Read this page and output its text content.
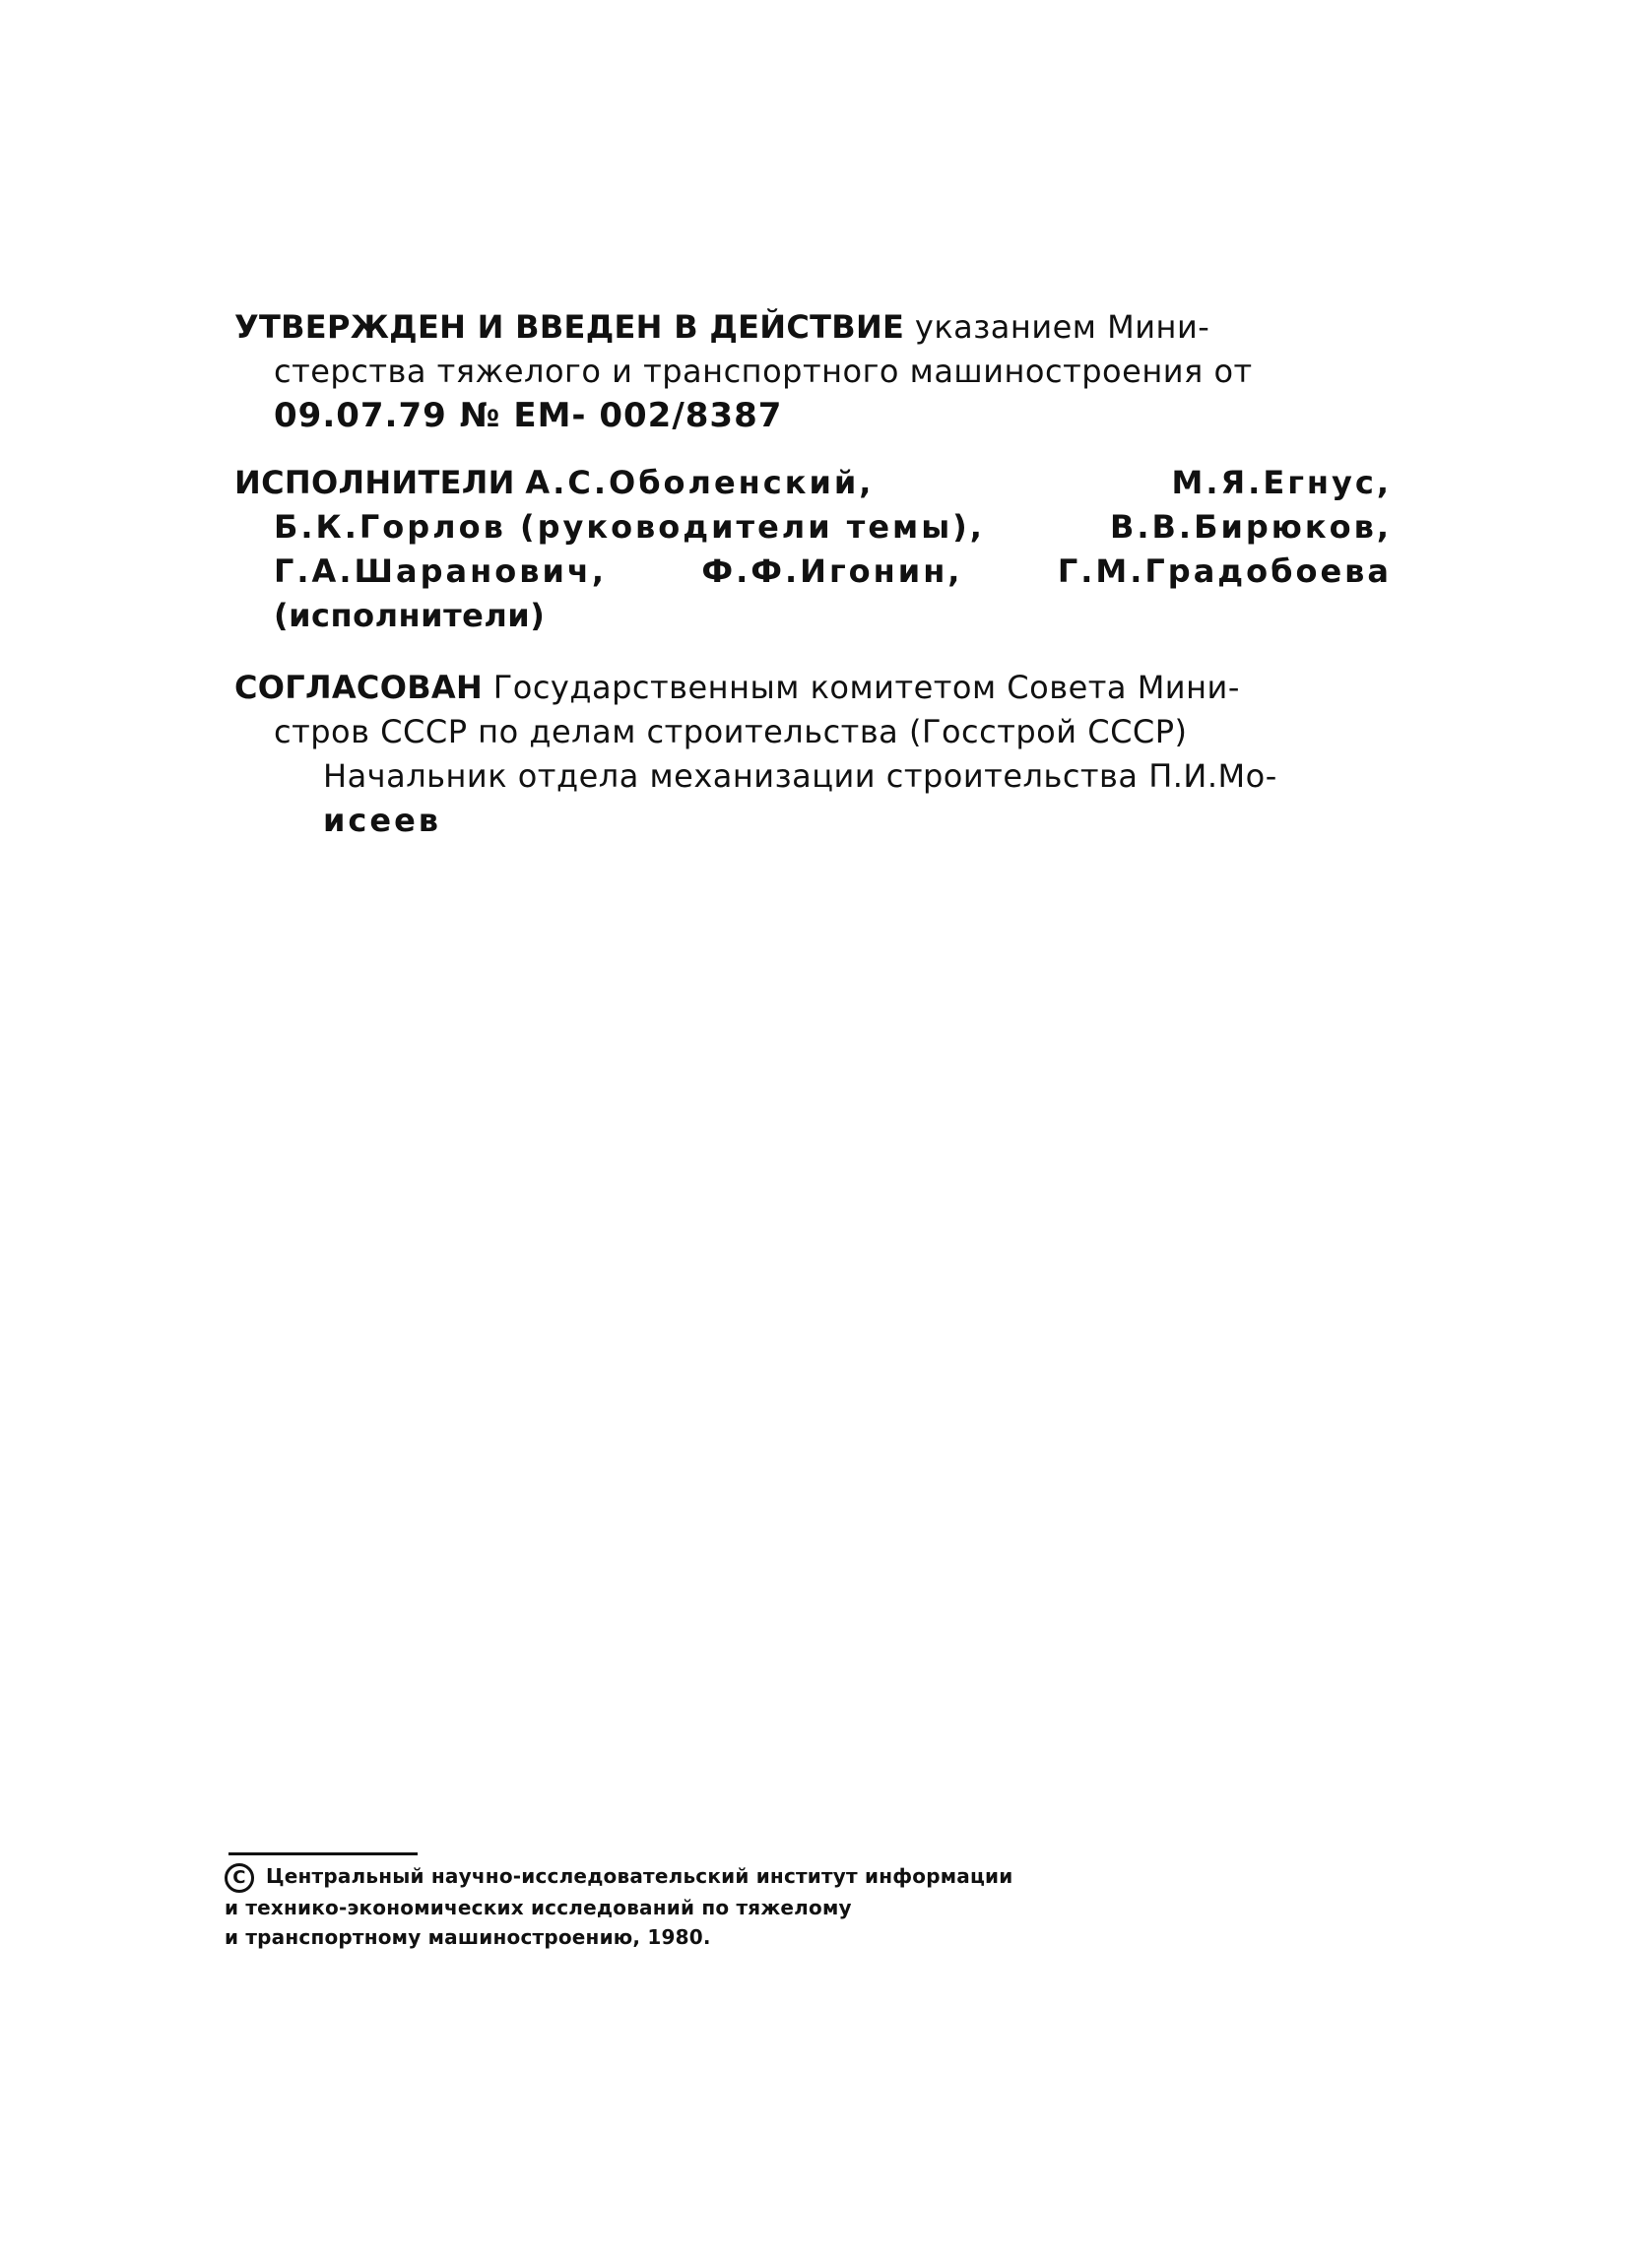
УТВЕРЖДЕН И ВВЕДЕН В ДЕЙСТВИЕ указанием Мини-
стерства тяжелого и транспортного машиностроения от
09.07.79 № ЕМ- 002/8387
ИСПОЛНИТЕЛИ А.С.Оболенский,	М.Я.Егнус,
Б.К.Горлов (руководители темы),	В.В.Бирюков,
Г.А.Шаранович,	Ф.Ф.Игонин,	Г.М.Градобоева
(исполнители)
СОГЛАСОВАН Государственным комитетом Совета Мини-
стров СССР по делам строительства (Госстрой СССР)
Начальник отдела механизации строительства П.И.Мо-
исеев
C Центральный научно-исследовательский институт информации
и технико-экономических исследований по тяжелому
и транспортному машиностроению, 1980.
